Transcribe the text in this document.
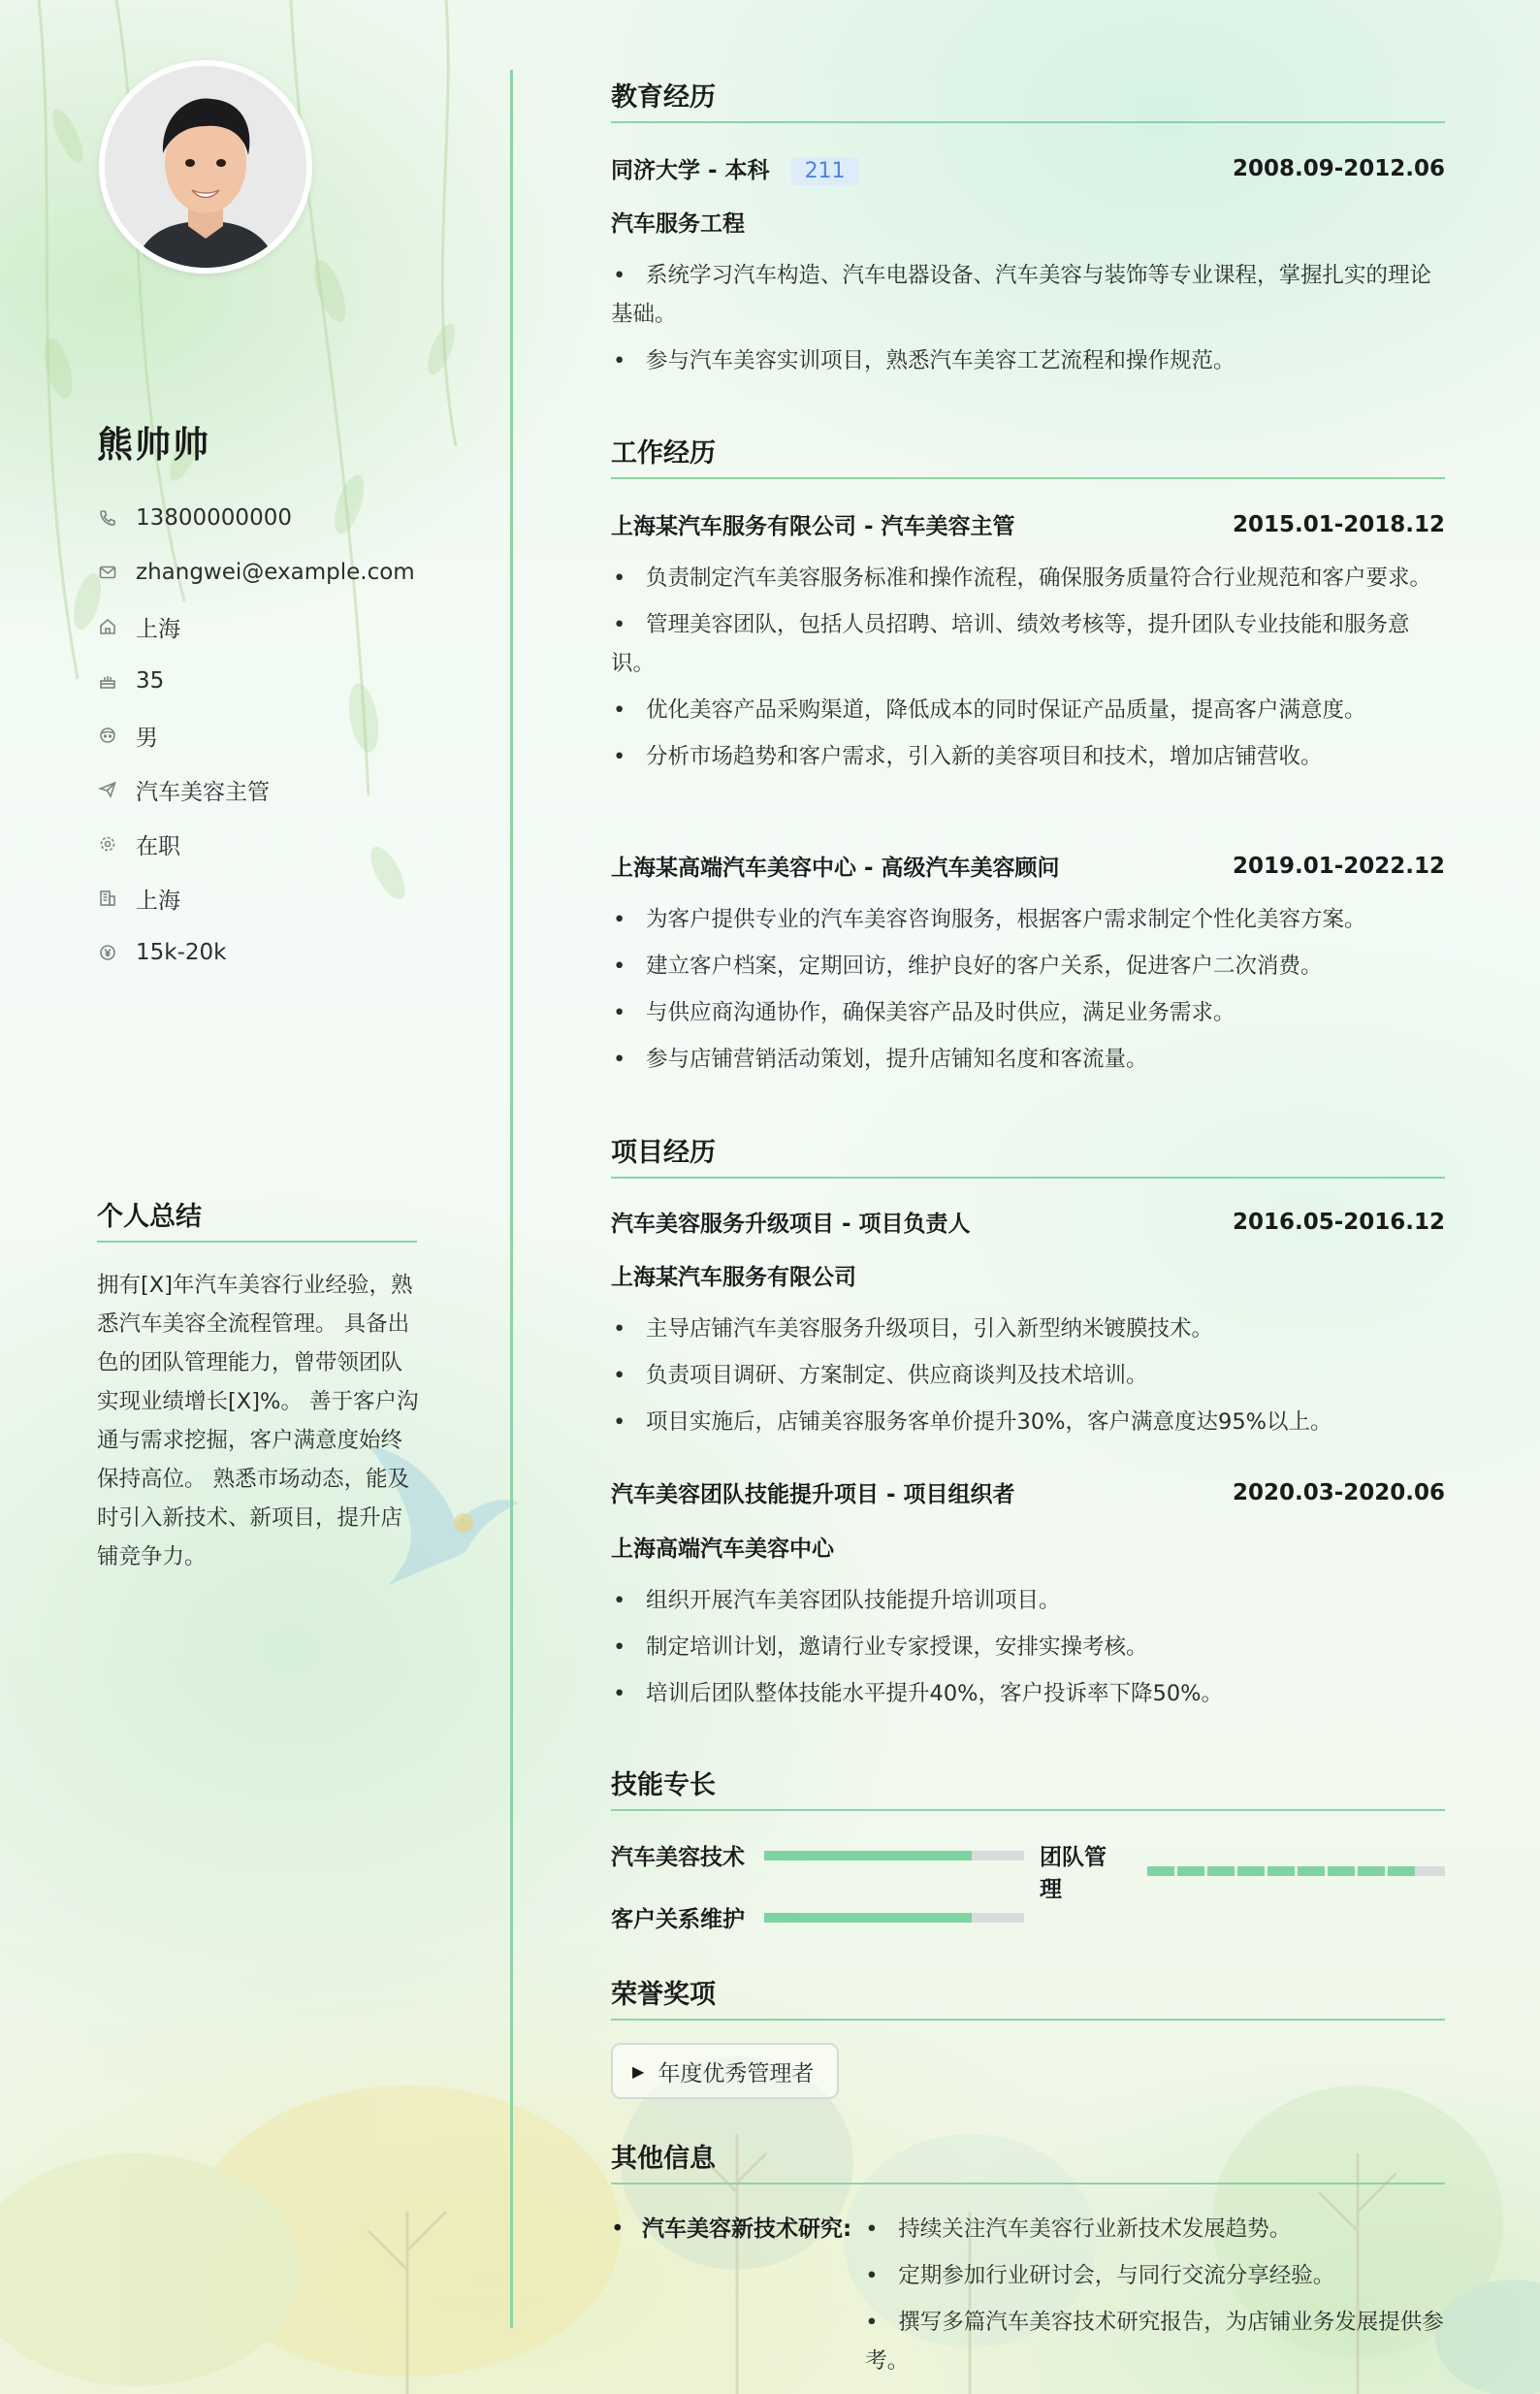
熊帅帅
13800000000
zhangwei@example.com
上海
35
男
汽车美容主管
在职
上海
15k-20k
个人总结
拥有[X]年汽车美容行业经验，熟悉汽车美容全流程管理。 具备出色的团队管理能力，曾带领团队实现业绩增长[X]%。 善于客户沟通与需求挖掘，客户满意度始终保持高位。 熟悉市场动态，能及时引入新技术、新项目，提升店铺竞争力。
教育经历
同济大学 - 本科 211	2008.09-2012.06
汽车服务工程
• 系统学习汽车构造、汽车电器设备、汽车美容与装饰等专业课程，掌握扎实的理论基础。
• 参与汽车美容实训项目，熟悉汽车美容工艺流程和操作规范。
工作经历
上海某汽车服务有限公司 - 汽车美容主管	2015.01-2018.12
• 负责制定汽车美容服务标准和操作流程，确保服务质量符合行业规范和客户要求。
• 管理美容团队，包括人员招聘、培训、绩效考核等，提升团队专业技能和服务意识。
• 优化美容产品采购渠道，降低成本的同时保证产品质量，提高客户满意度。
• 分析市场趋势和客户需求，引入新的美容项目和技术，增加店铺营收。
上海某高端汽车美容中心 - 高级汽车美容顾问	2019.01-2022.12
• 为客户提供专业的汽车美容咨询服务，根据客户需求制定个性化美容方案。
• 建立客户档案，定期回访，维护良好的客户关系，促进客户二次消费。
• 与供应商沟通协作，确保美容产品及时供应，满足业务需求。
• 参与店铺营销活动策划，提升店铺知名度和客流量。
项目经历
汽车美容服务升级项目 - 项目负责人	2016.05-2016.12
上海某汽车服务有限公司
• 主导店铺汽车美容服务升级项目，引入新型纳米镀膜技术。
• 负责项目调研、方案制定、供应商谈判及技术培训。
• 项目实施后，店铺美容服务客单价提升30%，客户满意度达95%以上。
汽车美容团队技能提升项目 - 项目组织者	2020.03-2020.06
上海高端汽车美容中心
• 组织开展汽车美容团队技能提升培训项目。
• 制定培训计划，邀请行业专家授课，安排实操考核。
• 培训后团队整体技能水平提升40%，客户投诉率下降50%。
技能专长
汽车美容技术	团队管理
客户关系维护
荣誉奖项
▶ 年度优秀管理者
其他信息
• 汽车美容新技术研究:
•	持续关注汽车美容行业新技术发展趋势。
• 定期参加行业研讨会，与同行交流分享经验。
• 撰写多篇汽车美容技术研究报告，为店铺业务发展提供参考。
